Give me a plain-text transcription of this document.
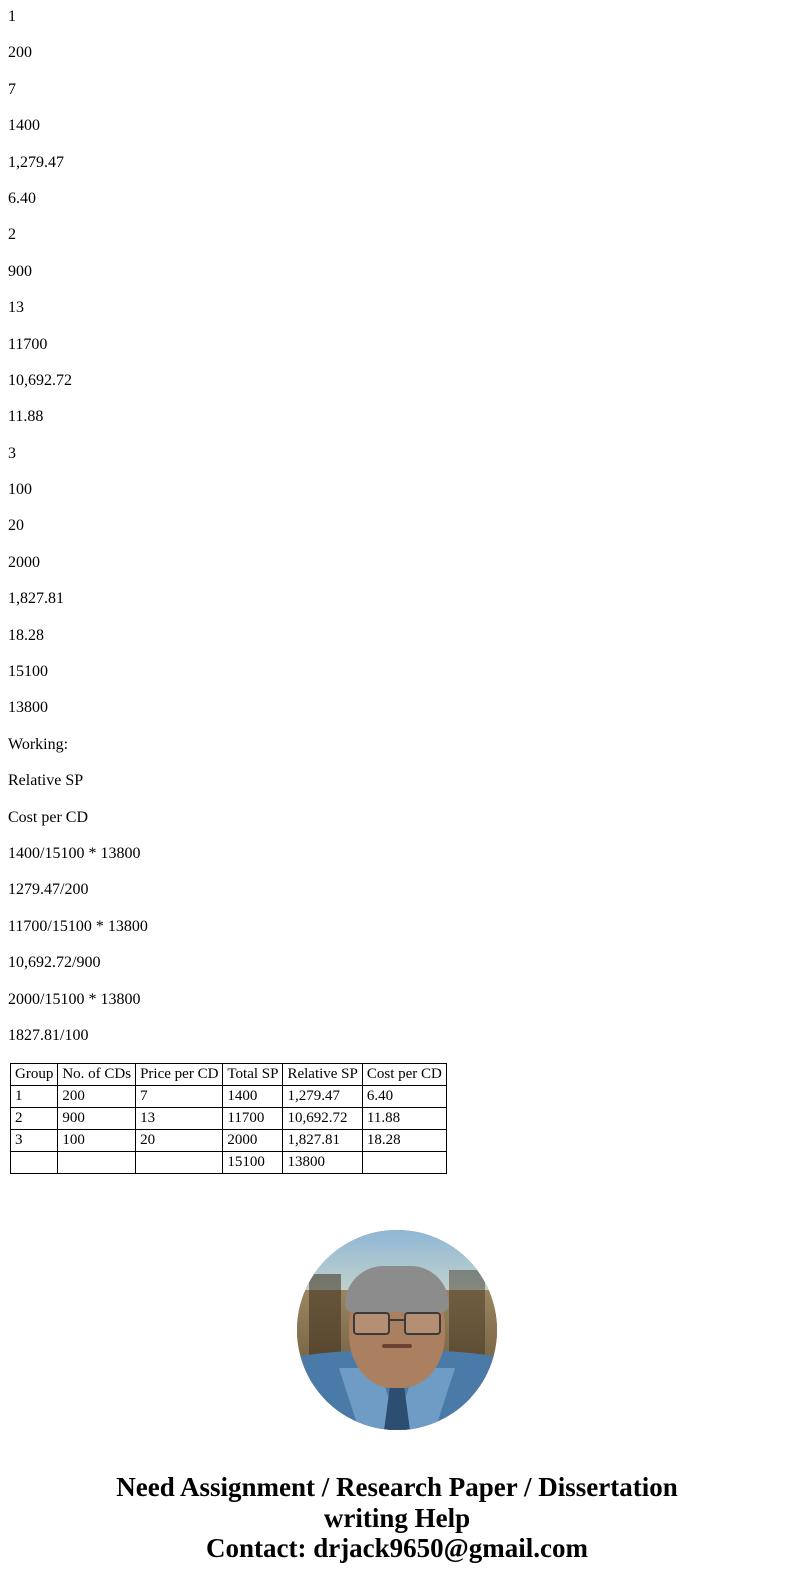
1

200

7

1400

1,279.47

6.40

2

900

13

11700

10,692.72

11.88

3

100

20

2000

1,827.81

18.28

15100

13800

Working:

Relative SP

Cost per CD

1400/15100 * 13800

1279.47/200

11700/15100 * 13800

10,692.72/900

2000/15100 * 13800

1827.81/100

Group	No. of CDs	Price per CD	Total SP	Relative SP	Cost per CD
1	200	7	1400	1,279.47	6.40
2	900	13	11700	10,692.72	11.88
3	100	20	2000	1,827.81	18.28
			15100	13800	
Need Assignment / Research Paper / Dissertation
writing Help
Contact: drjack9650@gmail.com
